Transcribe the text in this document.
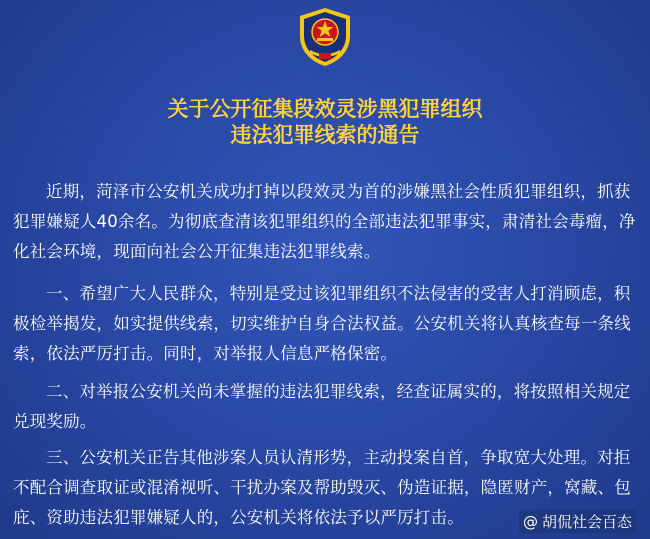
关于公开征集段效灵涉黑犯罪组织
违法犯罪线索的通告

近期，菏泽市公安机关成功打掉以段效灵为首的涉嫌黑社会性质犯罪组织，抓获犯罪嫌疑人40余名。为彻底查清该犯罪组织的全部违法犯罪事实，肃清社会毒瘤，净化社会环境，现面向社会公开征集违法犯罪线索。

一、希望广大人民群众，特别是受过该犯罪组织不法侵害的受害人打消顾虑，积极检举揭发，如实提供线索，切实维护自身合法权益。公安机关将认真核查每一条线索，依法严厉打击。同时，对举报人信息严格保密。

二、对举报公安机关尚未掌握的违法犯罪线索，经查证属实的，将按照相关规定兑现奖励。

三、公安机关正告其他涉案人员认清形势，主动投案自首，争取宽大处理。对拒不配合调查取证或混淆视听、干扰办案及帮助毁灭、伪造证据，隐匿财产，窝藏、包庇、资助违法犯罪嫌疑人的，公安机关将依法予以严厉打击。	@ 胡侃社会百态
